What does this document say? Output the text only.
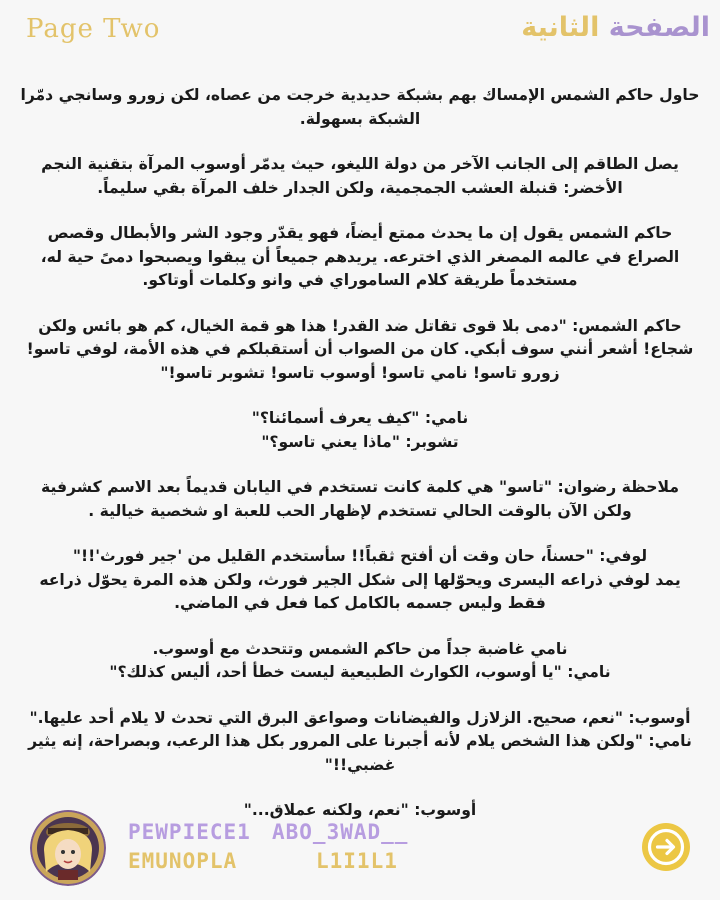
Page Two	الصفحة الثانية

حاول حاكم الشمس الإمساك بهم بشبكة حديدية خرجت من عصاه، لكن زورو وسانجي دمّرا الشبكة بسهولة.

يصل الطاقم إلى الجانب الآخر من دولة الليغو، حيث يدمّر أوسوب المرآة بتقنية النجم الأخضر: قنبلة العشب الجمجمية، ولكن الجدار خلف المرآة بقي سليماً.

حاكم الشمس يقول إن ما يحدث ممتع أيضاً، فهو يقدّر وجود الشر والأبطال وقصص الصراع في عالمه المصغر الذي اخترعه. يريدهم جميعاً أن يبقوا ويصبحوا دمىً حية له، مستخدماً طريقة كلام الساموراي في وانو وكلمات أوتاكو.

حاكم الشمس: "دمى بلا قوى تقاتل ضد القدر! هذا هو قمة الخيال، كم هو بائس ولكن شجاع! أشعر أنني سوف أبكي. كان من الصواب أن أستقبلكم في هذه الأمة، لوفي تاسو! زورو تاسو! نامي تاسو! أوسوب تاسو! تشوبر تاسو!"

نامي: "كيف يعرف أسمائنا؟"
تشوبر: "ماذا يعني تاسو؟"

ملاحظة رضوان: "تاسو" هي كلمة كانت تستخدم في اليابان قديماً بعد الاسم كشرفية ولكن الآن بالوقت الحالي تستخدم لإظهار الحب للعبة او شخصية خيالية .

لوفي: "حسناً، حان وقت أن أفتح ثقباً!! سأستخدم القليل من 'جير فورث'!!"
يمد لوفي ذراعه اليسرى ويحوّلها إلى شكل الجير فورث، ولكن هذه المرة يحوّل ذراعه فقط وليس جسمه بالكامل كما فعل في الماضي.

نامي غاضبة جداً من حاكم الشمس وتتحدث مع أوسوب.
نامي: "يا أوسوب، الكوارث الطبيعية ليست خطأ أحد، أليس كذلك؟"

أوسوب: "نعم، صحيح. الزلازل والفيضانات وصواعق البرق التي تحدث لا يلام أحد عليها."
نامي: "ولكن هذا الشخص يلام لأنه أجبرنا على المرور بكل هذا الرعب، وبصراحة، إنه يثير غضبي!!"

أوسوب: "نعم، ولكنه عملاق..."

PEWPIECE1 ABO_3WAD__
EMUNOPLA	L1I1L1
